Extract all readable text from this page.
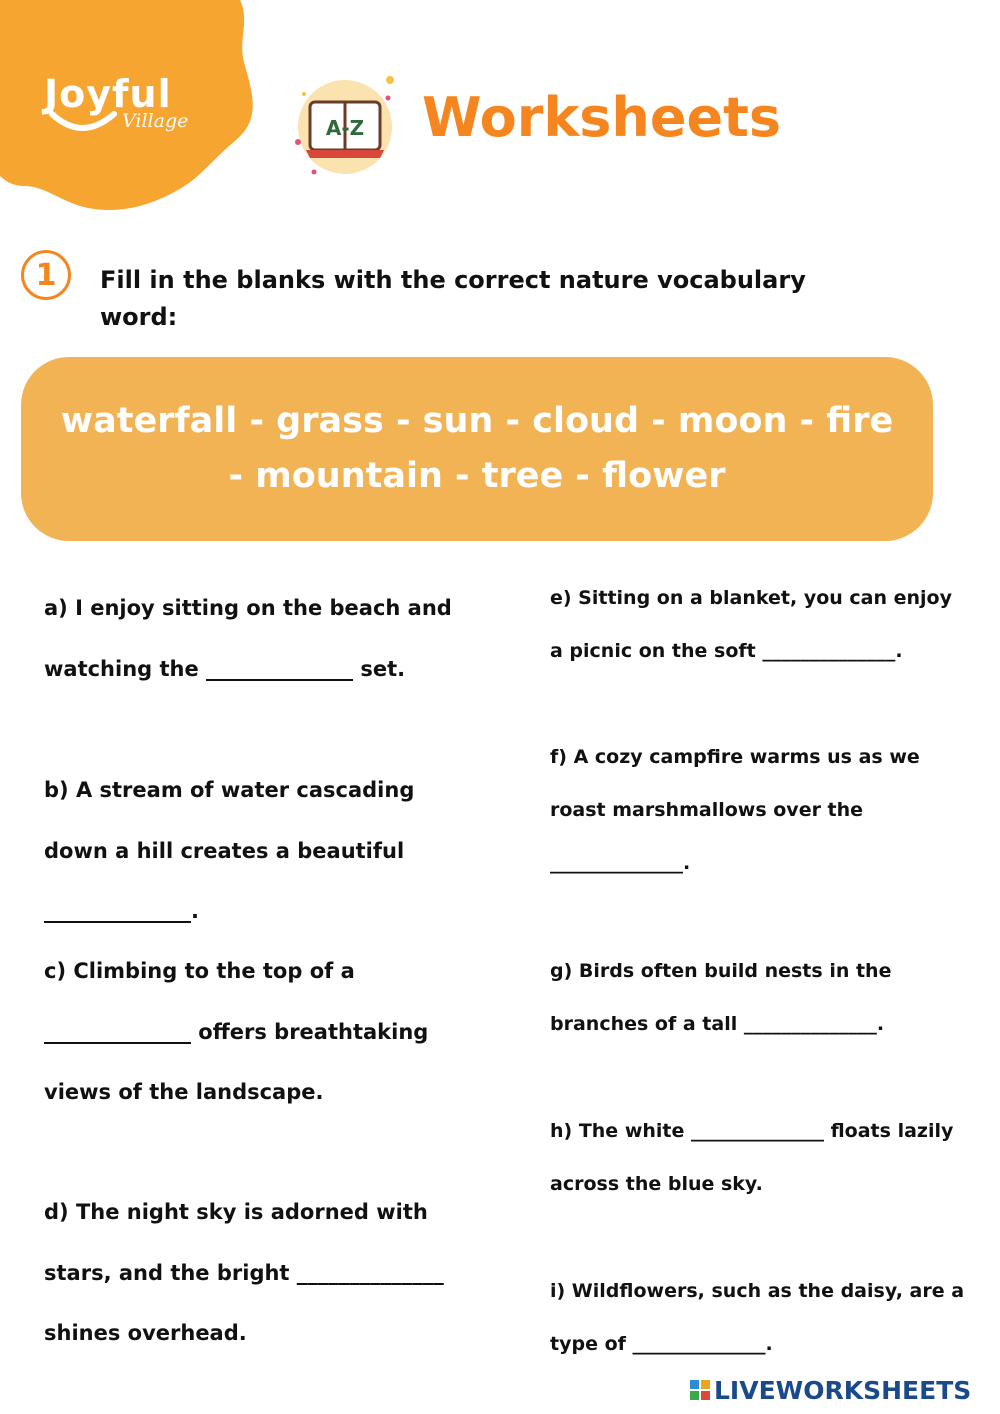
Joyful
Village	A-Z Worksheets
1	Fill in the blanks with the correct nature vocabulary word:
waterfall - grass - sun - cloud - moon - fire - mountain - tree - flower
a) I enjoy sitting on the beach and watching the ______________ set.
b) A stream of water cascading down a hill creates a beautiful ______________.
c) Climbing to the top of a ______________ offers breathtaking views of the landscape.
d) The night sky is adorned with stars, and the bright ______________ shines overhead.
e) Sitting on a blanket, you can enjoy a picnic on the soft ______________.
f) A cozy campfire warms us as we roast marshmallows over the ______________.
g) Birds often build nests in the branches of a tall ______________.
h) The white ______________ floats lazily across the blue sky.
i) Wildflowers, such as the daisy, are a type of ______________.
LIVEWORKSHEETS
